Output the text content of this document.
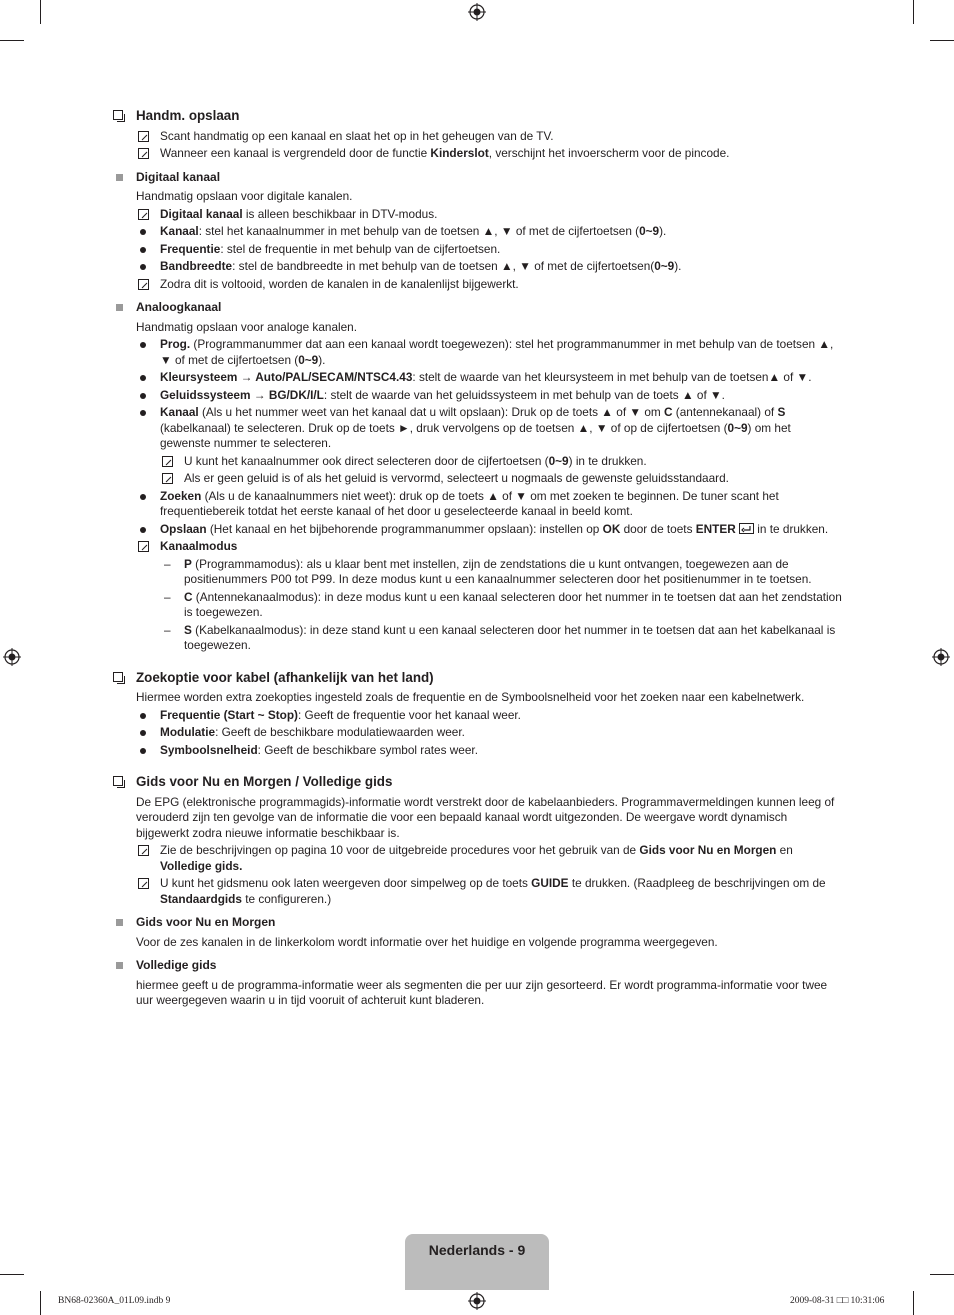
Handm. opslaan
Scant handmatig op een kanaal en slaat het op in het geheugen van de TV.
Wanneer een kanaal is vergrendeld door de functie Kinderslot, verschijnt het invoerscherm voor de pincode.
Digitaal kanaal
Handmatig opslaan voor digitale kanalen.
Digitaal kanaal is alleen beschikbaar in DTV-modus.
Kanaal: stel het kanaalnummer in met behulp van de toetsen ▲, ▼ of met de cijfertoetsen (0~9).
Frequentie: stel de frequentie in met behulp van de cijfertoetsen.
Bandbreedte: stel de bandbreedte in met behulp van de toetsen ▲, ▼ of met de cijfertoetsen(0~9).
Zodra dit is voltooid, worden de kanalen in de kanalenlijst bijgewerkt.
Analoogkanaal
Handmatig opslaan voor analoge kanalen.
Prog. (Programmanummer dat aan een kanaal wordt toegewezen): stel het programmanummer in met behulp van de toetsen ▲, ▼ of met de cijfertoetsen (0~9).
Kleursysteem → Auto/PAL/SECAM/NTSC4.43: stelt de waarde van het kleursysteem in met behulp van de toetsen▲ of ▼.
Geluidssysteem → BG/DK/I/L: stelt de waarde van het geluidssysteem in met behulp van de toets ▲ of ▼.
Kanaal (Als u het nummer weet van het kanaal dat u wilt opslaan): Druk op de toets ▲ of ▼ om C (antennekanaal) of S (kabelkanaal) te selecteren. Druk op de toets ►, druk vervolgens op de toetsen ▲, ▼ of op de cijfertoetsen (0~9) om het gewenste nummer te selecteren.
U kunt het kanaalnummer ook direct selecteren door de cijfertoetsen (0~9) in te drukken.
Als er geen geluid is of als het geluid is vervormd, selecteert u nogmaals de gewenste geluidsstandaard.
Zoeken (Als u de kanaalnummers niet weet): druk op de toets ▲ of ▼ om met zoeken te beginnen. De tuner scant het frequentiebereik totdat het eerste kanaal of het door u geselecteerde kanaal in beeld komt.
Opslaan (Het kanaal en het bijbehorende programmanummer opslaan): instellen op OK door de toets ENTER  in te drukken.
Kanaalmodus
– P (Programmamodus): als u klaar bent met instellen, zijn de zendstations die u kunt ontvangen, toegewezen aan de positienummers P00 tot P99. In deze modus kunt u een kanaalnummer selecteren door het positienummer in te toetsen.
– C (Antennekanaalmodus): in deze modus kunt u een kanaal selecteren door het nummer in te toetsen dat aan het zendstation is toegewezen.
– S (Kabelkanaalmodus): in deze stand kunt u een kanaal selecteren door het nummer in te toetsen dat aan het kabelkanaal is toegewezen.
Zoekoptie voor kabel (afhankelijk van het land)
Hiermee worden extra zoekopties ingesteld zoals de frequentie en de Symboolsnelheid voor het zoeken naar een kabelnetwerk.
Frequentie (Start ~ Stop): Geeft de frequentie voor het kanaal weer.
Modulatie: Geeft de beschikbare modulatiewaarden weer.
Symboolsnelheid: Geeft de beschikbare symbol rates weer.
Gids voor Nu en Morgen / Volledige gids
De EPG (elektronische programmagids)-informatie wordt verstrekt door de kabelaanbieders. Programmavermeldingen kunnen leeg of verouderd zijn ten gevolge van de informatie die voor een bepaald kanaal wordt uitgezonden. De weergave wordt dynamisch bijgewerkt zodra nieuwe informatie beschikbaar is.
Zie de beschrijvingen op pagina 10 voor de uitgebreide procedures voor het gebruik van de Gids voor Nu en Morgen en Volledige gids.
U kunt het gidsmenu ook laten weergeven door simpelweg op de toets GUIDE te drukken. (Raadpleeg de beschrijvingen om de Standaardgids te configureren.)
Gids voor Nu en Morgen
Voor de zes kanalen in de linkerkolom wordt informatie over het huidige en volgende programma weergegeven.
Volledige gids
hiermee geeft u de programma-informatie weer als segmenten die per uur zijn gesorteerd. Er wordt programma-informatie voor twee uur weergegeven waarin u in tijd vooruit of achteruit kunt bladeren.
Nederlands - 9
BN68-02360A_01L09.indb 9	2009-08-31 □□ 10:31:06
